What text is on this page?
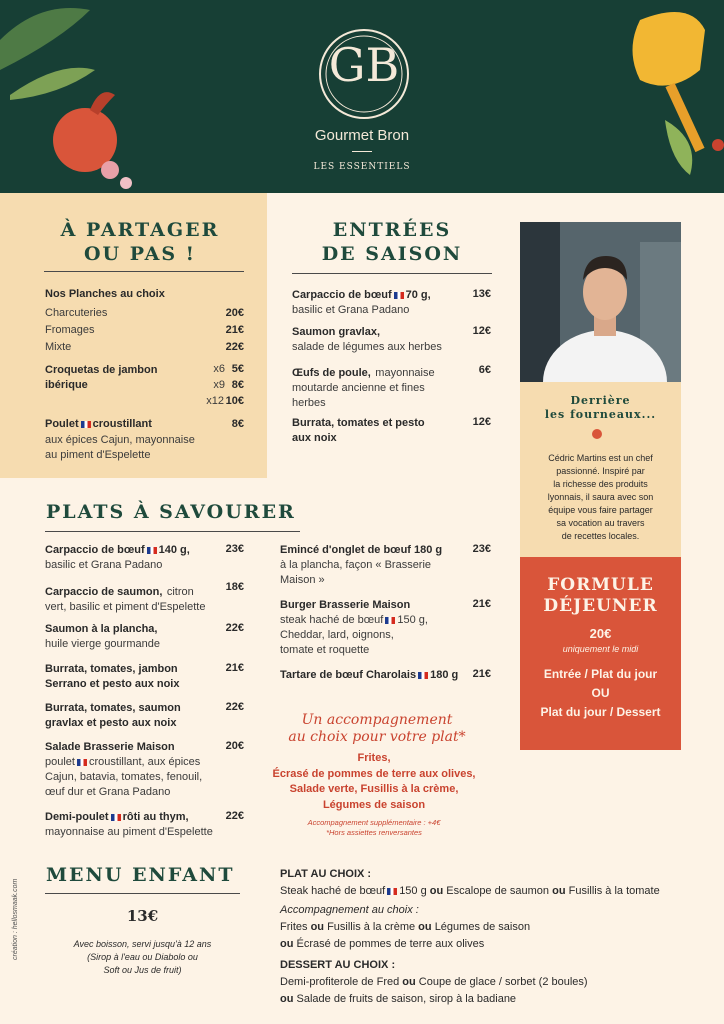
GB
Gourmet Bron
LES ESSENTIELS
À PARTAGER
OU PAS !
Nos Planches au choix
Charcuteries	20€
Fromages	21€
Mixte	22€
Croquetas de jambon
ibérique
x6 5€
x9 8€
x12 10€
Poulet croustillant	8€
aux épices Cajun, mayonnaise
au piment d'Espelette
ENTRÉES
DE SAISON
Carpaccio de bœuf 70 g,
basilic et Grana Padano
13€
Saumon gravlax,
salade de légumes aux herbes
12€
Œufs de poule, mayonnaise
moutarde ancienne et fines
herbes
6€
Burrata, tomates et pesto
aux noix
12€
Derrière
les fourneaux...
Cédric Martins est un chef
passionné. Inspiré par
la richesse des produits
lyonnais, il saura avec son
équipe vous faire partager
sa vocation au travers
de recettes locales.
FORMULE
DÉJEUNER
20€
uniquement le midi
Entrée / Plat du jour
OU
Plat du jour / Dessert
PLATS À SAVOURER
Carpaccio de bœuf 140 g,
basilic et Grana Padano
23€
Carpaccio de saumon, citron
vert, basilic et piment d'Espelette
18€
Saumon à la plancha,
huile vierge gourmande
22€
Burrata, tomates, jambon
Serrano et pesto aux noix
21€
Burrata, tomates, saumon
gravlax et pesto aux noix
22€
Salade Brasserie Maison
poulet croustillant, aux épices
Cajun, batavia, tomates, fenouil,
œuf dur et Grana Padano
20€
Demi-poulet rôti au thym,
mayonnaise au piment d'Espelette
22€
Emincé d'onglet de bœuf 180 g
à la plancha, façon « Brasserie
Maison »
23€
Burger Brasserie Maison
steak haché de bœuf 150 g,
Cheddar, lard, oignons,
tomate et roquette
21€
Tartare de bœuf Charolais 180 g	21€
Un accompagnement
au choix pour votre plat*
Frites,
Écrasé de pommes de terre aux olives,
Salade verte, Fusillis à la crème,
Légumes de saison
Accompagnement supplémentaire : +4€
*Hors assiettes renversantes
MENU ENFANT
13€
Avec boisson, servi jusqu'à 12 ans
(Sirop à l'eau ou Diabolo ou
Soft ou Jus de fruit)
création : hellosmaak.com
PLAT AU CHOIX :
Steak haché de bœuf 150 g ou Escalope de saumon ou Fusillis à la tomate
Accompagnement au choix :
Frites ou Fusillis à la crème ou Légumes de saison
ou Écrasé de pommes de terre aux olives
DESSERT AU CHOIX :
Demi-profiterole de Fred ou Coupe de glace / sorbet (2 boules)
ou Salade de fruits de saison, sirop à la badiane
